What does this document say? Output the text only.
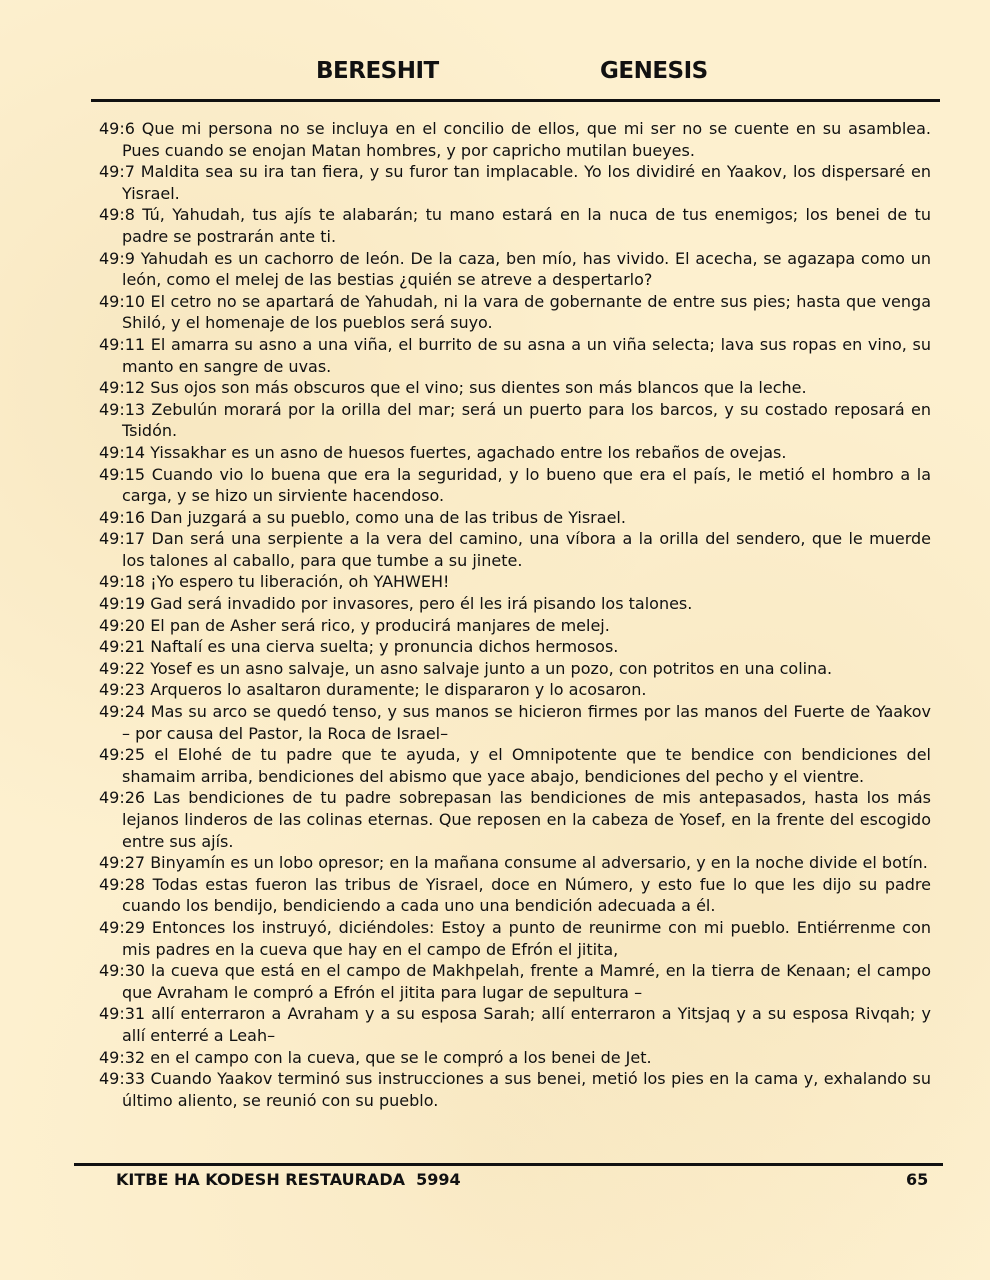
BERESHIT	GENESIS

49:6 Que mi persona no se incluya en el concilio de ellos, que mi ser no se cuente en su asamblea. Pues cuando se enojan Matan hombres, y por capricho mutilan bueyes.

49:7 Maldita sea su ira tan fiera, y su furor tan implacable. Yo los dividiré en Yaakov, los dispersaré en Yisrael.

49:8 Tú, Yahudah, tus ajís te alabarán; tu mano estará en la nuca de tus enemigos; los benei de tu padre se postrarán ante ti.

49:9 Yahudah es un cachorro de león. De la caza, ben mío, has vivido. El acecha, se agazapa como un león, como el melej de las bestias ¿quién se atreve a despertarlo?

49:10 El cetro no se apartará de Yahudah, ni la vara de gobernante de entre sus pies; hasta que venga Shiló, y el homenaje de los pueblos será suyo.

49:11 El amarra su asno a una viña, el burrito de su asna a un viña selecta; lava sus ropas en vino, su manto en sangre de uvas.

49:12 Sus ojos son más obscuros que el vino; sus dientes son más blancos que la leche.

49:13 Zebulún morará por la orilla del mar; será un puerto para los barcos, y su costado reposará en Tsidón.

49:14 Yissakhar es un asno de huesos fuertes, agachado entre los rebaños de ovejas.

49:15 Cuando vio lo buena que era la seguridad, y lo bueno que era el país, le metió el hombro a la carga, y se hizo un sirviente hacendoso.

49:16 Dan juzgará a su pueblo, como una de las tribus de Yisrael.

49:17 Dan será una serpiente a la vera del camino, una víbora a la orilla del sendero, que le muerde los talones al caballo, para que tumbe a su jinete.

49:18 ¡Yo espero tu liberación, oh YAHWEH!

49:19 Gad será invadido por invasores, pero él les irá pisando los talones.

49:20 El pan de Asher será rico, y producirá manjares de melej.

49:21 Naftalí es una cierva suelta; y pronuncia dichos hermosos.

49:22 Yosef es un asno salvaje, un asno salvaje junto a un pozo, con potritos en una colina.

49:23 Arqueros lo asaltaron duramente; le dispararon y lo acosaron.

49:24 Mas su arco se quedó tenso, y sus manos se hicieron firmes por las manos del Fuerte de Yaakov – por causa del Pastor, la Roca de Israel–

49:25 el Elohé de tu padre que te ayuda, y el Omnipotente que te bendice con bendiciones del shamaim arriba, bendiciones del abismo que yace abajo, bendiciones del pecho y el vientre.

49:26 Las bendiciones de tu padre sobrepasan las bendiciones de mis antepasados, hasta los más lejanos linderos de las colinas eternas. Que reposen en la cabeza de Yosef, en la frente del escogido entre sus ajís.

49:27 Binyamín es un lobo opresor; en la mañana consume al adversario, y en la noche divide el botín.

49:28 Todas estas fueron las tribus de Yisrael, doce en Número, y esto fue lo que les dijo su padre cuando los bendijo, bendiciendo a cada uno una bendición adecuada a él.

49:29 Entonces los instruyó, diciéndoles: Estoy a punto de reunirme con mi pueblo. Entiérrenme con mis padres en la cueva que hay en el campo de Efrón el jitita,

49:30 la cueva que está en el campo de Makhpelah, frente a Mamré, en la tierra de Kenaan; el campo que Avraham le compró a Efrón el jitita para lugar de sepultura –

49:31 allí enterraron a Avraham y a su esposa Sarah; allí enterraron a Yitsjaq y a su esposa Rivqah; y allí enterré a Leah–

49:32 en el campo con la cueva, que se le compró a los benei de Jet.

49:33 Cuando Yaakov terminó sus instrucciones a sus benei, metió los pies en la cama y, exhalando su último aliento, se reunió con su pueblo.

KITBE HA KODESH RESTAURADA  5994	65
